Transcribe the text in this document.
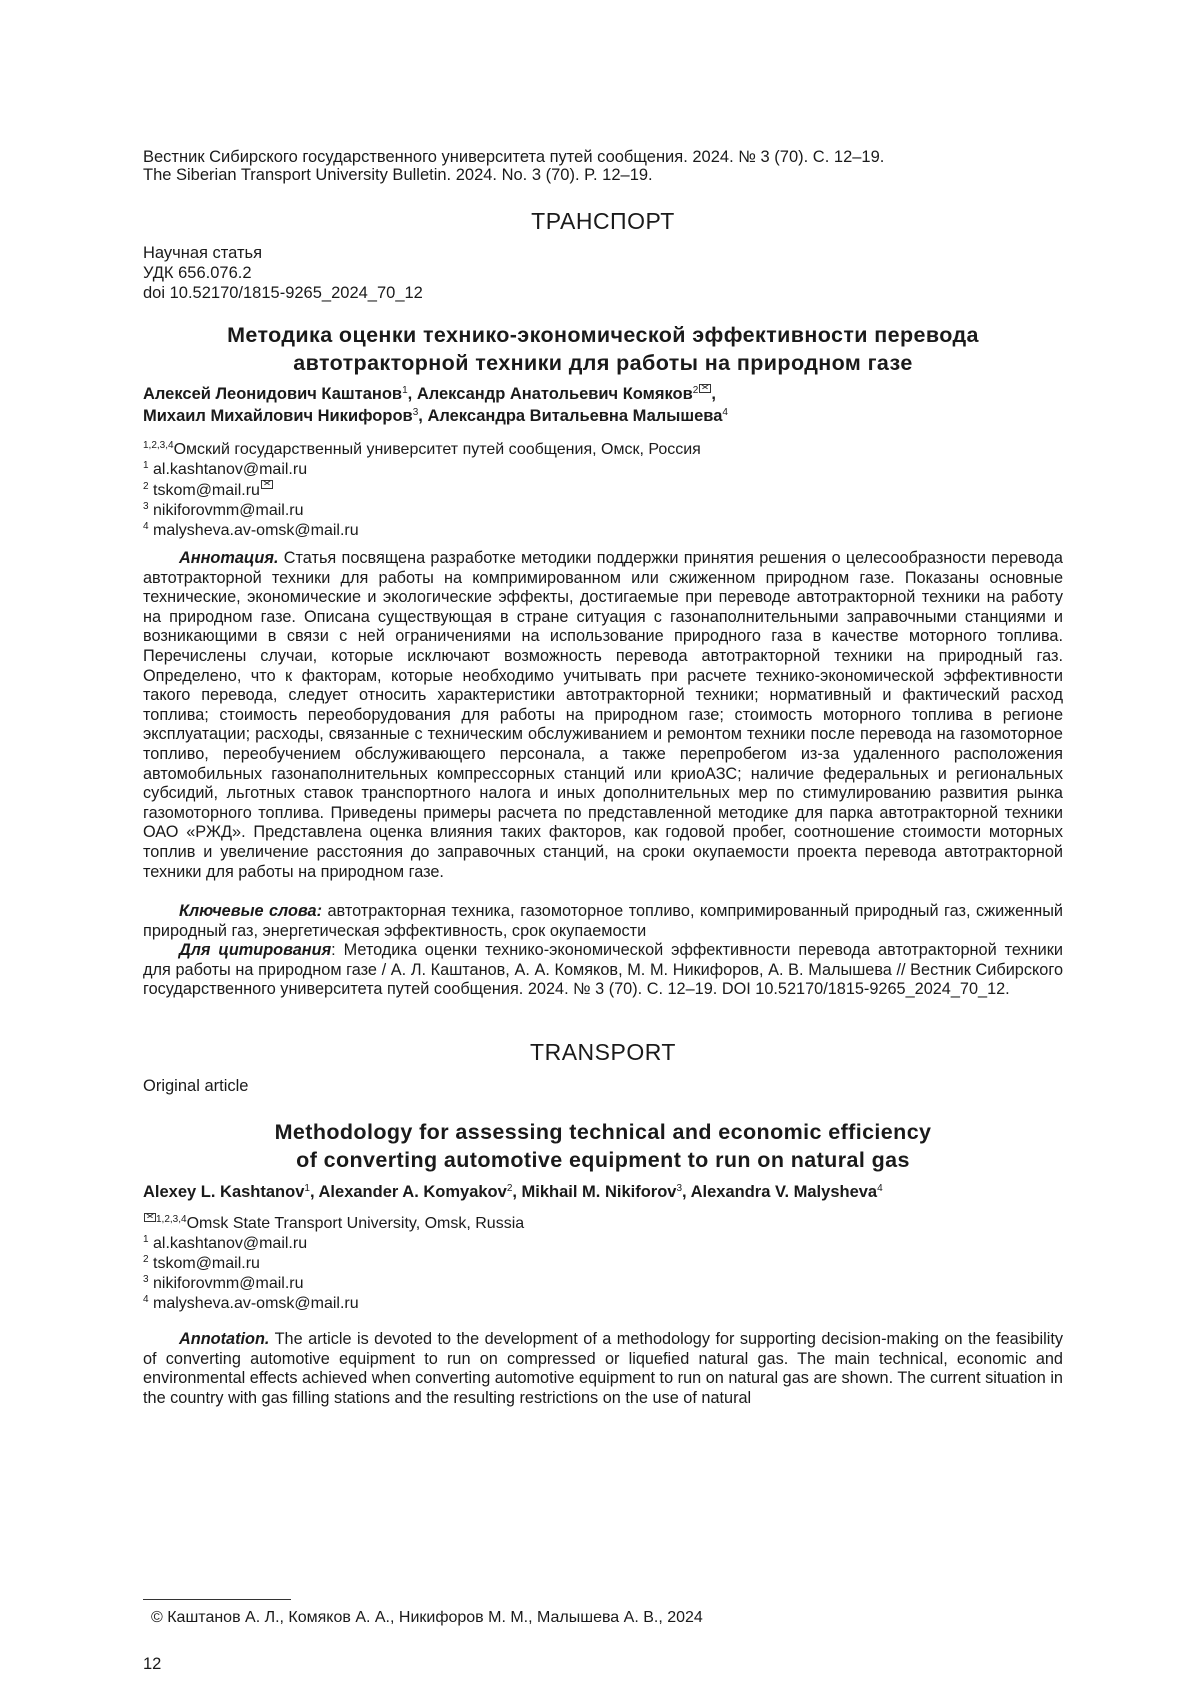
Вестник Сибирского государственного университета путей сообщения. 2024. № 3 (70). С. 12–19.
The Siberian Transport University Bulletin. 2024. No. 3 (70). P. 12–19.
ТРАНСПОРТ
Научная статья
УДК 656.076.2
doi 10.52170/1815-9265_2024_70_12
Методика оценки технико-экономической эффективности перевода
автотракторной техники для работы на природном газе
Алексей Леонидович Каштанов1, Александр Анатольевич Комяков2 ,
Михаил Михайлович Никифоров3, Александра Витальевна Малышева4
1,2,3,4Омский государственный университет путей сообщения, Омск, Россия
1 al.kashtanov@mail.ru
2 tskom@mail.ru
3 nikiforovmm@mail.ru
4 malysheva.av-omsk@mail.ru
Аннотация. Статья посвящена разработке методики поддержки принятия решения о целесообразности перевода автотракторной техники для работы на компримированном или сжиженном природном газе. Показаны основные технические, экономические и экологические эффекты, достигаемые при переводе автотракторной техники на работу на природном газе. Описана существующая в стране ситуация с газонаполнительными заправочными станциями и возникающими в связи с ней ограничениями на использование природного газа в качестве моторного топлива. Перечислены случаи, которые исключают возможность перевода автотракторной техники на природный газ. Определено, что к факторам, которые необходимо учитывать при расчете технико-экономической эффективности такого перевода, следует относить характеристики автотракторной техники; нормативный и фактический расход топлива; стоимость переоборудования для работы на природном газе; стоимость моторного топлива в регионе эксплуатации; расходы, связанные с техническим обслуживанием и ремонтом техники после перевода на газомоторное топливо, переобучением обслуживающего персонала, а также перепробегом из-за удаленного расположения автомобильных газонаполнительных компрессорных станций или криоАЗС; наличие федеральных и региональных субсидий, льготных ставок транспортного налога и иных дополнительных мер по стимулированию развития рынка газомоторного топлива. Приведены примеры расчета по представленной методике для парка автотракторной техники ОАО «РЖД». Представлена оценка влияния таких факторов, как годовой пробег, соотношение стоимости моторных топлив и увеличение расстояния до заправочных станций, на сроки окупаемости проекта перевода автотракторной техники для работы на природном газе.
Ключевые слова: автотракторная техника, газомоторное топливо, компримированный природный газ, сжиженный природный газ, энергетическая эффективность, срок окупаемости
Для цитирования: Методика оценки технико-экономической эффективности перевода автотракторной техники для работы на природном газе / А. Л. Каштанов, А. А. Комяков, М. М. Никифоров, А. В. Малышева // Вестник Сибирского государственного университета путей сообщения. 2024. № 3 (70). С. 12–19. DOI 10.52170/1815-9265_2024_70_12.
TRANSPORT
Original article
Methodology for assessing technical and economic efficiency
of converting automotive equipment to run on natural gas
Alexey L. Kashtanov1, Alexander A. Komyakov2, Mikhail M. Nikiforov3, Alexandra V. Malysheva4
1,2,3,4Omsk State Transport University, Omsk, Russia
1 al.kashtanov@mail.ru
2 tskom@mail.ru
3 nikiforovmm@mail.ru
4 malysheva.av-omsk@mail.ru
Annotation. The article is devoted to the development of a methodology for supporting decision-making on the feasibility of converting automotive equipment to run on compressed or liquefied natural gas. The main technical, economic and environmental effects achieved when converting automotive equipment to run on natural gas are shown. The current situation in the country with gas filling stations and the resulting restrictions on the use of natural
© Каштанов А. Л., Комяков А. А., Никифоров М. М., Малышева А. В., 2024
12
